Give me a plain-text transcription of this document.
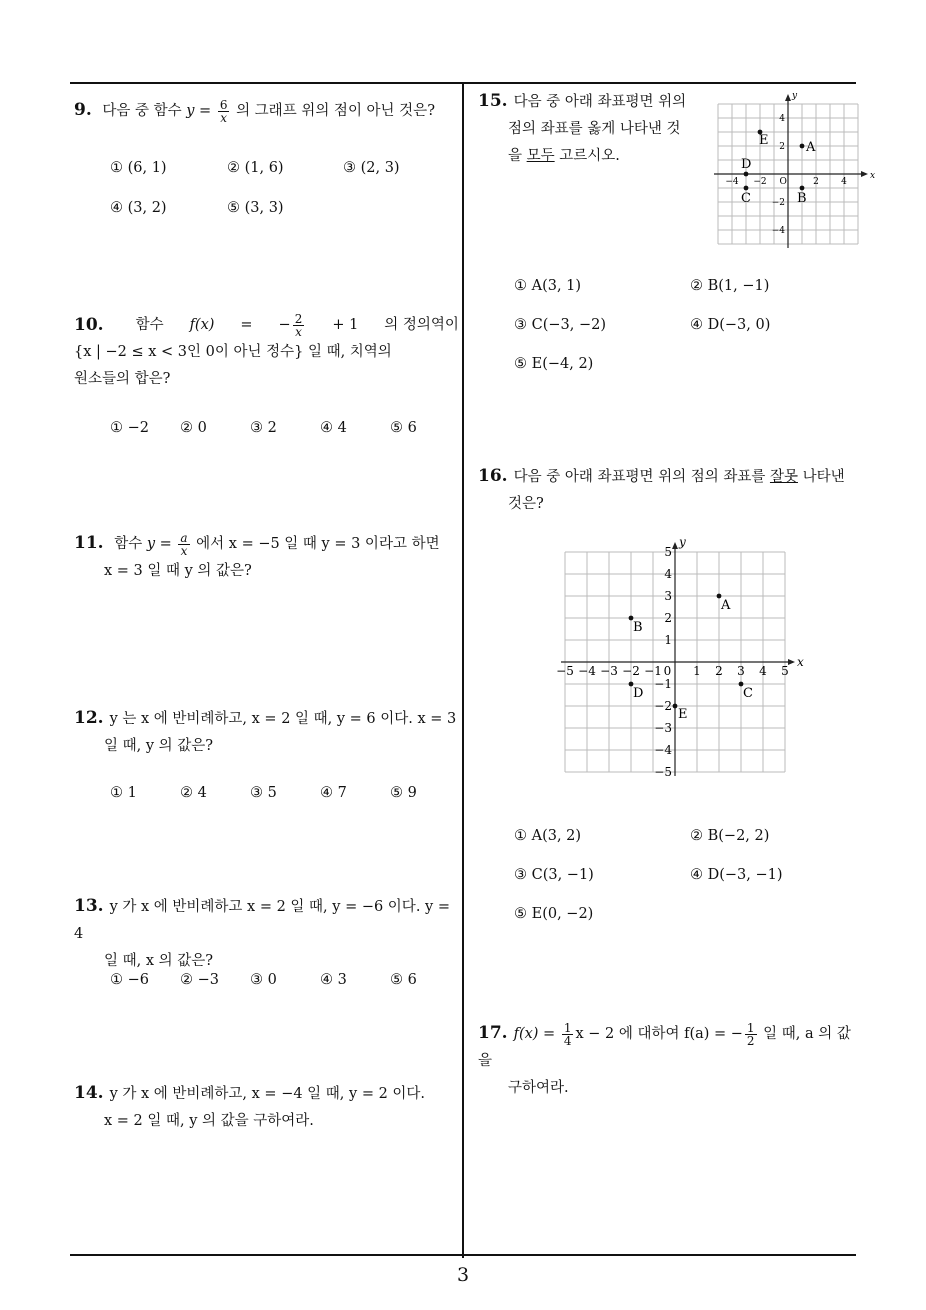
3
9. 다음 중 함수 $y = \frac{6}{x}$ 의 그래프 위의 점이 아닌 것은?
① (6, 1)	② (1, 6)	③ (2, 3)
④ (3, 2)	⑤ (3, 3)
10. 함수 f(x) = − $\frac{2}{x} + 1$ 의 정의역이
{x | −2 ≤ x < 3인 0이 아닌 정수} 일 때, 치역의
원소들의 합은?
① −2 ② 0	③ 2	④ 4	⑤ 6
11. 함수 $y = \frac{a}{x}$ 에서 x = −5 일 때 y = 3 이라고 하면
x = 3 일 때 y 의 값은?
12. y 는 x 에 반비례하고, x = 2 일 때, y = 6 이다. x = 3
일 때, y 의 값은?
① 1	② 4	③ 5	④ 7	⑤ 9
13. y 가 x 에 반비례하고 x = 2 일 때, y = −6 이다. y = 4
일 때, x 의 값은?
① −6 ② −3 ③ 0	④ 3	⑤ 6
14. y 가 x 에 반비례하고, x = −4 일 때, y = 2 이다.
x = 2 일 때, y 의 값을 구하여라.
15. 다음 중 아래 좌표평면 위의
점의 좌표를 옳게 나타낸 것
을 모두 고르시오.
x
y
O
−4 −2	2 4
4
2
−2
−4
A
B
C
D
E
① A(3, 1)	② B(1, −1)
③ C(−3, −2)	④ D(−3, 0)
⑤ E(−4, 2)
16. 다음 중 아래 좌표평면 위의 점의 좌표를 잘못 나타낸
것은?
x
y
0
−5 −4 −3 −2 −1	1 2 3 4 5
5
4
3
2
1
−1
−2
−3
−4
−5
A
B
C
D
E
① A(3, 2)	② B(−2, 2)
③ C(3, −1)	④ D(−3, −1)
⑤ E(0, −2)
17. $f(x) = \frac{1}{4}$ x − 2 에 대하여 f(a) = − $\frac{1}{2}$ 일 때, a 의 값을
구하여라.
